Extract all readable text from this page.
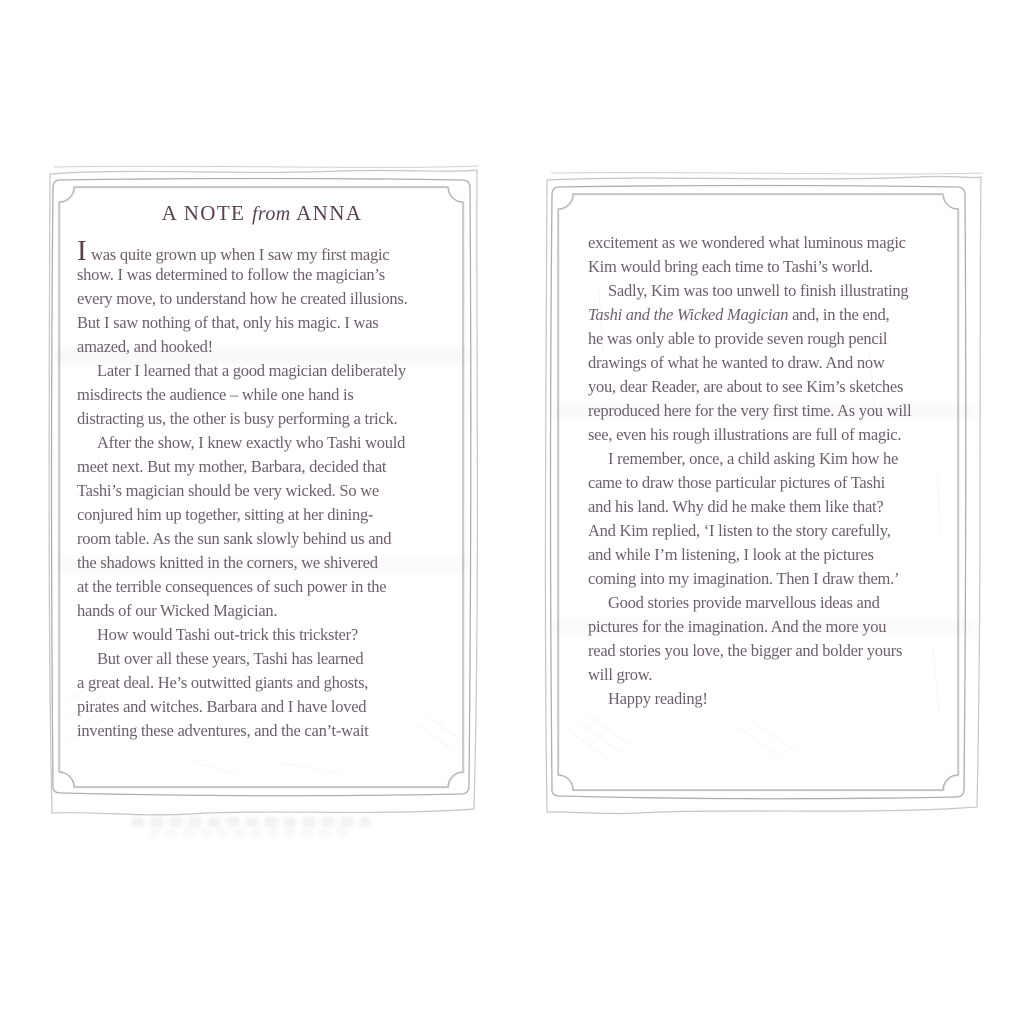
A NOTE from ANNA
I was quite grown up when I saw my first magic
show. I was determined to follow the magician’s
every move, to understand how he created illusions.
But I saw nothing of that, only his magic. I was
amazed, and hooked!
Later I learned that a good magician deliberately
misdirects the audience – while one hand is
distracting us, the other is busy performing a trick.
After the show, I knew exactly who Tashi would
meet next. But my mother, Barbara, decided that
Tashi’s magician should be very wicked. So we
conjured him up together, sitting at her dining-
room table. As the sun sank slowly behind us and
the shadows knitted in the corners, we shivered
at the terrible consequences of such power in the
hands of our Wicked Magician.
How would Tashi out-trick this trickster?
But over all these years, Tashi has learned
a great deal. He’s outwitted giants and ghosts,
pirates and witches. Barbara and I have loved
inventing these adventures, and the can’t-wait
excitement as we wondered what luminous magic
Kim would bring each time to Tashi’s world.
Sadly, Kim was too unwell to finish illustrating
Tashi and the Wicked Magician and, in the end,
he was only able to provide seven rough pencil
drawings of what he wanted to draw. And now
you, dear Reader, are about to see Kim’s sketches
reproduced here for the very first time. As you will
see, even his rough illustrations are full of magic.
I remember, once, a child asking Kim how he
came to draw those particular pictures of Tashi
and his land. Why did he make them like that?
And Kim replied, ‘I listen to the story carefully,
and while I’m listening, I look at the pictures
coming into my imagination. Then I draw them.’
Good stories provide marvellous ideas and
pictures for the imagination. And the more you
read stories you love, the bigger and bolder yours
will grow.
Happy reading!
